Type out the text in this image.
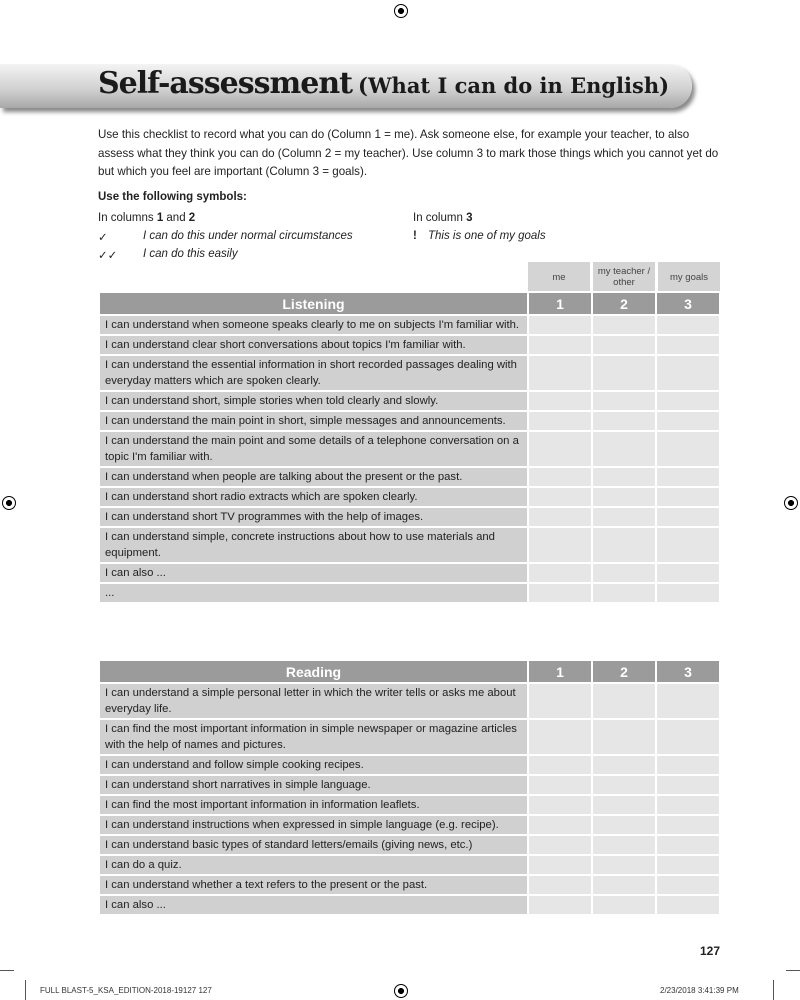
Self-assessment (What I can do in English)
Use this checklist to record what you can do (Column 1 = me). Ask someone else, for example your teacher, to also assess what they think you can do (Column 2 = my teacher). Use column 3 to mark those things which you cannot yet do but which you feel are important (Column 3 = goals).
Use the following symbols:
In columns 1 and 2	In column 3
✓	I can do this under normal circumstances
✓✓ I can do this easily
! This is one of my goals
me	my teacher / other	my goals
Listening	1	2	3
I can understand when someone speaks clearly to me on subjects I'm familiar with.			
I can understand clear short conversations about topics I'm familiar with.			
I can understand the essential information in short recorded passages dealing with everyday matters which are spoken clearly.			
I can understand short, simple stories when told clearly and slowly.			
I can understand the main point in short, simple messages and announcements.			
I can understand the main point and some details of a telephone conversation on a topic I'm familiar with.			
I can understand when people are talking about the present or the past.			
I can understand short radio extracts which are spoken clearly.			
I can understand short TV programmes with the help of images.			
I can understand simple, concrete instructions about how to use materials and equipment.			
I can also ...			
...			
Reading	1	2	3
I can understand a simple personal letter in which the writer tells or asks me about everyday life.			
I can find the most important information in simple newspaper or magazine articles with the help of names and pictures.			
I can understand and follow simple cooking recipes.			
I can understand short narratives in simple language.			
I can find the most important information in information leaflets.			
I can understand instructions when expressed in simple language (e.g. recipe).			
I can understand basic types of standard letters/emails (giving news, etc.)			
I can do a quiz.			
I can understand whether a text refers to the present or the past.			
I can also ...			
127
FULL BLAST-5_KSA_EDITION-2018-19127 127	2/23/2018 3:41:39 PM
